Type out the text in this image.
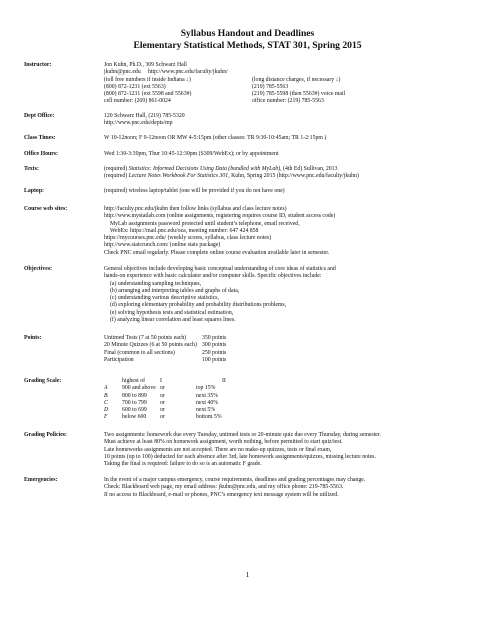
Syllabus Handout and Deadlines
Elementary Statistical Methods, STAT 301, Spring 2015
Instructor:	Jon Kuhn, Ph.D., 309 Schwarz Hall
jkuhn@pnc.edu     http://www.pnc.edu/faculty/jkuhn/
(toll free numbers if inside Indiana ↓)	(long distance charges, if necessary ↓)
(800) 872-1231 (ext 5563)	(219) 785-5563
(800) 872-1231 (ext 5598 and 5563#)	(219) 785-5598 (then 5563#) voice mail
cell number: (269) 861-0024	office number: (219) 785-5563
Dept Office:	120 Schwarz Hall, (219) 785-5320
http://www.pnc.edu/depts/mp
Class Times:	W 10-12noon; F 9-12noon OR MW 4-5:15pm (other classes: TR 9:30-10:45am; TR 1-2:15pm )
Office Hours:	Wed 1:30-3:30pm, Thur 10:45-12:30pm (S309/WebEx); or by appointment
Texts:	(required) Statistics: Informed Decisions Using Data (bundled with MyLab), (4th Ed) Sullivan, 2013
(required) Lecture Notes Workbook For Statistics 301, Kuhn, Spring 2015 (http://www.pnc.edu/faculty/jkuhn)
Laptop:	(required) wireless laptop/tablet (one will be provided if you do not have one)
Course web sites:	http://faculty.pnc.edu/jkuhn then follow links (syllabus and class lecture notes)
http://www.mystatlab.com (online assignments, registering requires course ID, student access code)
MyLab assignments password protected until student’s telephone, email received,
WebEx: https://mail.pnc.edu/oza, meeting number: 647 424 858
https://mycourses.pnc.edu/ (weekly scores, syllabus, class lecture notes)
http://www.statcrunch.com/ (online stats package)
Check PNC email regularly. Please complete online course evaluation available later in semester.
Objectives:	General objectives include developing basic conceptual understanding of core ideas of statistics and
hands-on experience with basic calculator and/or computer skills. Specific objectives include:
(a) understanding sampling techniques,
(b) arranging and interpreting tables and graphs of data,
(c) understanding various descriptive statistics,
(d) exploring elementary probability and probability distributions problems,
(e) solving hypothesis tests and statistical estimation,
(f) analyzing linear correlation and least squares lines.
Points:	Untimed Tests (7 at 50 points each)	350 points
20 Minute Quizzes (6 at 50 points each) 300 points
Final (common to all sections)	250 points
Participation	100 points
Grading Scale:	highest of	I	II
A	900 and above or	top 15%
B	800 to 899	or	next 35%
C	700 to 799	or	next 40%
D	600 to 699	or	next 5%
F	below 600	or	bottom 5%
Grading Policies:	Two assignments: homework due every Tuesday, untimed tests or 20-minute quiz due every Thursday, during semester.
Must achieve at least 80% on homework assignment, worth nothing, before permitted to start quiz/test.
Late homeworks assignments are not accepted. There are no make-up quizzes, tests or final exam,
10 points (up to 100) deducted for each absence after 3rd, late homework assignments/quizzes, missing lecture notes.
Taking the final is required: failure to do so is an automatic F grade.
Emergencies:	In the event of a major campus emergency, course requirements, deadlines and grading percentages may change.
Check: Blackboard web page, my email address: jkuhn@pnc.edu, and my office phone: 219-785-5563.
If no access to Blackboard, e-mail or phones, PNC’s emergency text message system will be utilized.
1
